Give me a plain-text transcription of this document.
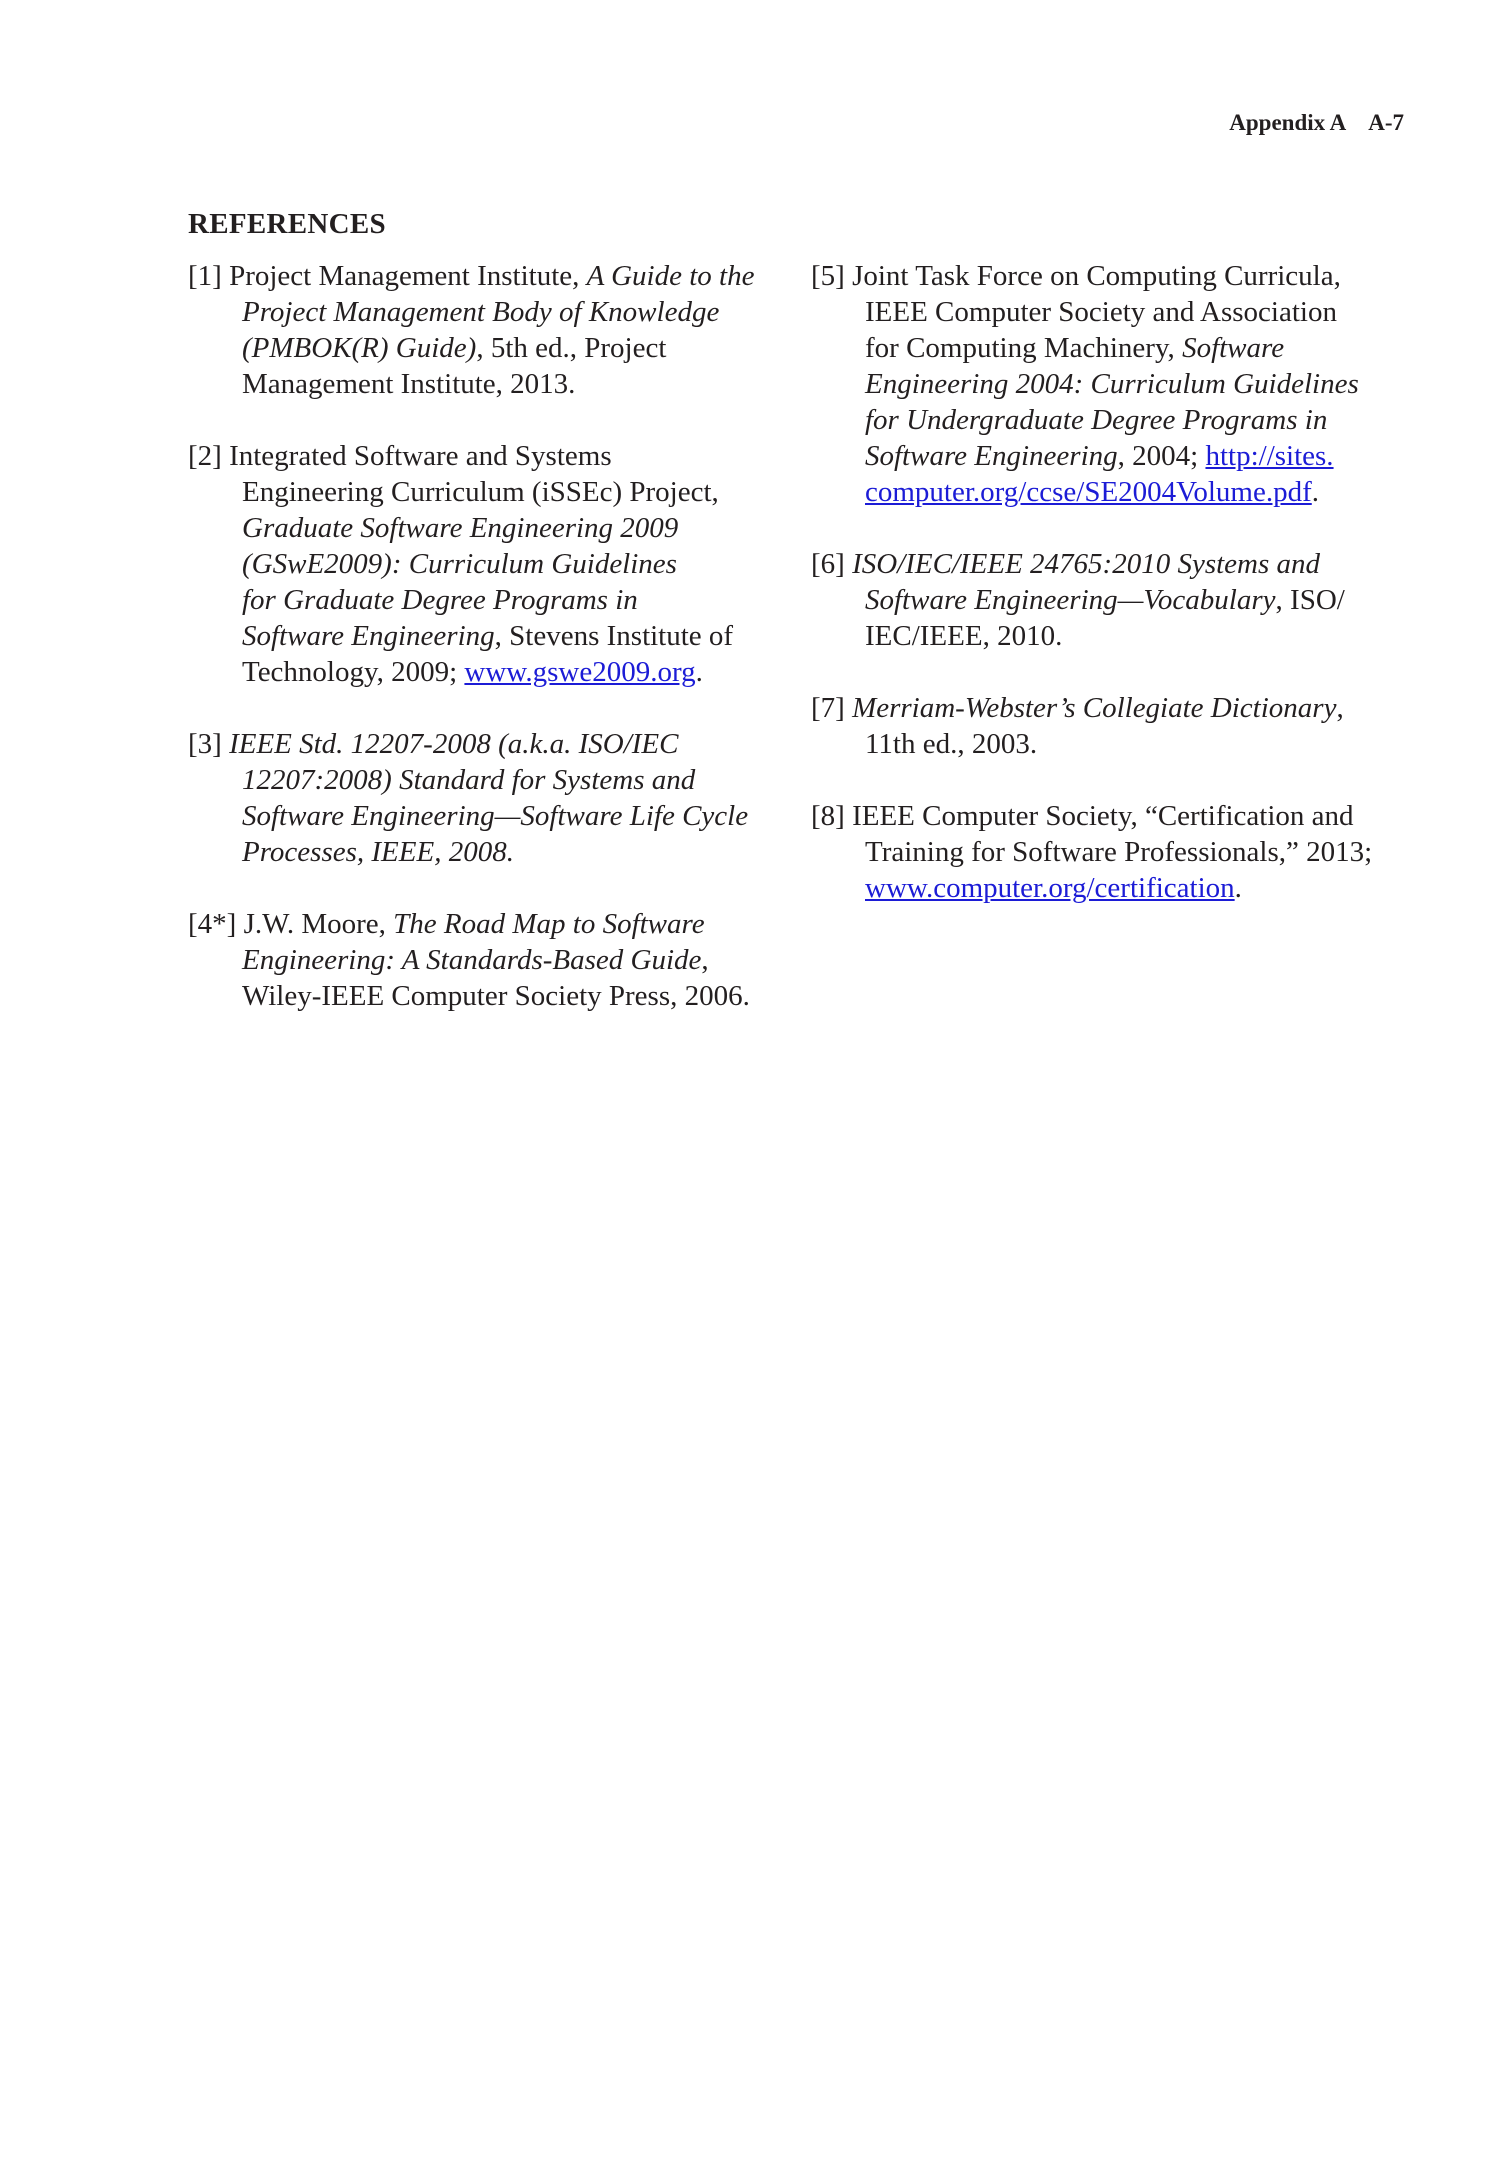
Appendix A A-7
REFERENCES

[1] Project Management Institute, A Guide to the
Project Management Body of Knowledge
(PMBOK(R) Guide), 5th ed., Project
Management Institute, 2013.

[2] Integrated Software and Systems
Engineering Curriculum (iSSEc) Project,
Graduate Software Engineering 2009
(GSwE2009): Curriculum Guidelines
for Graduate Degree Programs in
Software Engineering, Stevens Institute of
Technology, 2009; www.gswe2009.org.

[3] IEEE Std. 12207-2008 (a.k.a. ISO/IEC
12207:2008) Standard for Systems and
Software Engineering—Software Life Cycle
Processes, IEEE, 2008.

[4*] J.W. Moore, The Road Map to Software
Engineering: A Standards-Based Guide,
Wiley-IEEE Computer Society Press, 2006.

[5] Joint Task Force on Computing Curricula,
IEEE Computer Society and Association
for Computing Machinery, Software
Engineering 2004: Curriculum Guidelines
for Undergraduate Degree Programs in
Software Engineering, 2004; http://sites.
computer.org/ccse/SE2004Volume.pdf.

[6] ISO/IEC/IEEE 24765:2010 Systems and
Software Engineering—Vocabulary, ISO/
IEC/IEEE, 2010.

[7] Merriam-Webster’s Collegiate Dictionary,
11th ed., 2003.

[8] IEEE Computer Society, “Certification and
Training for Software Professionals,” 2013;
www.computer.org/certification.
